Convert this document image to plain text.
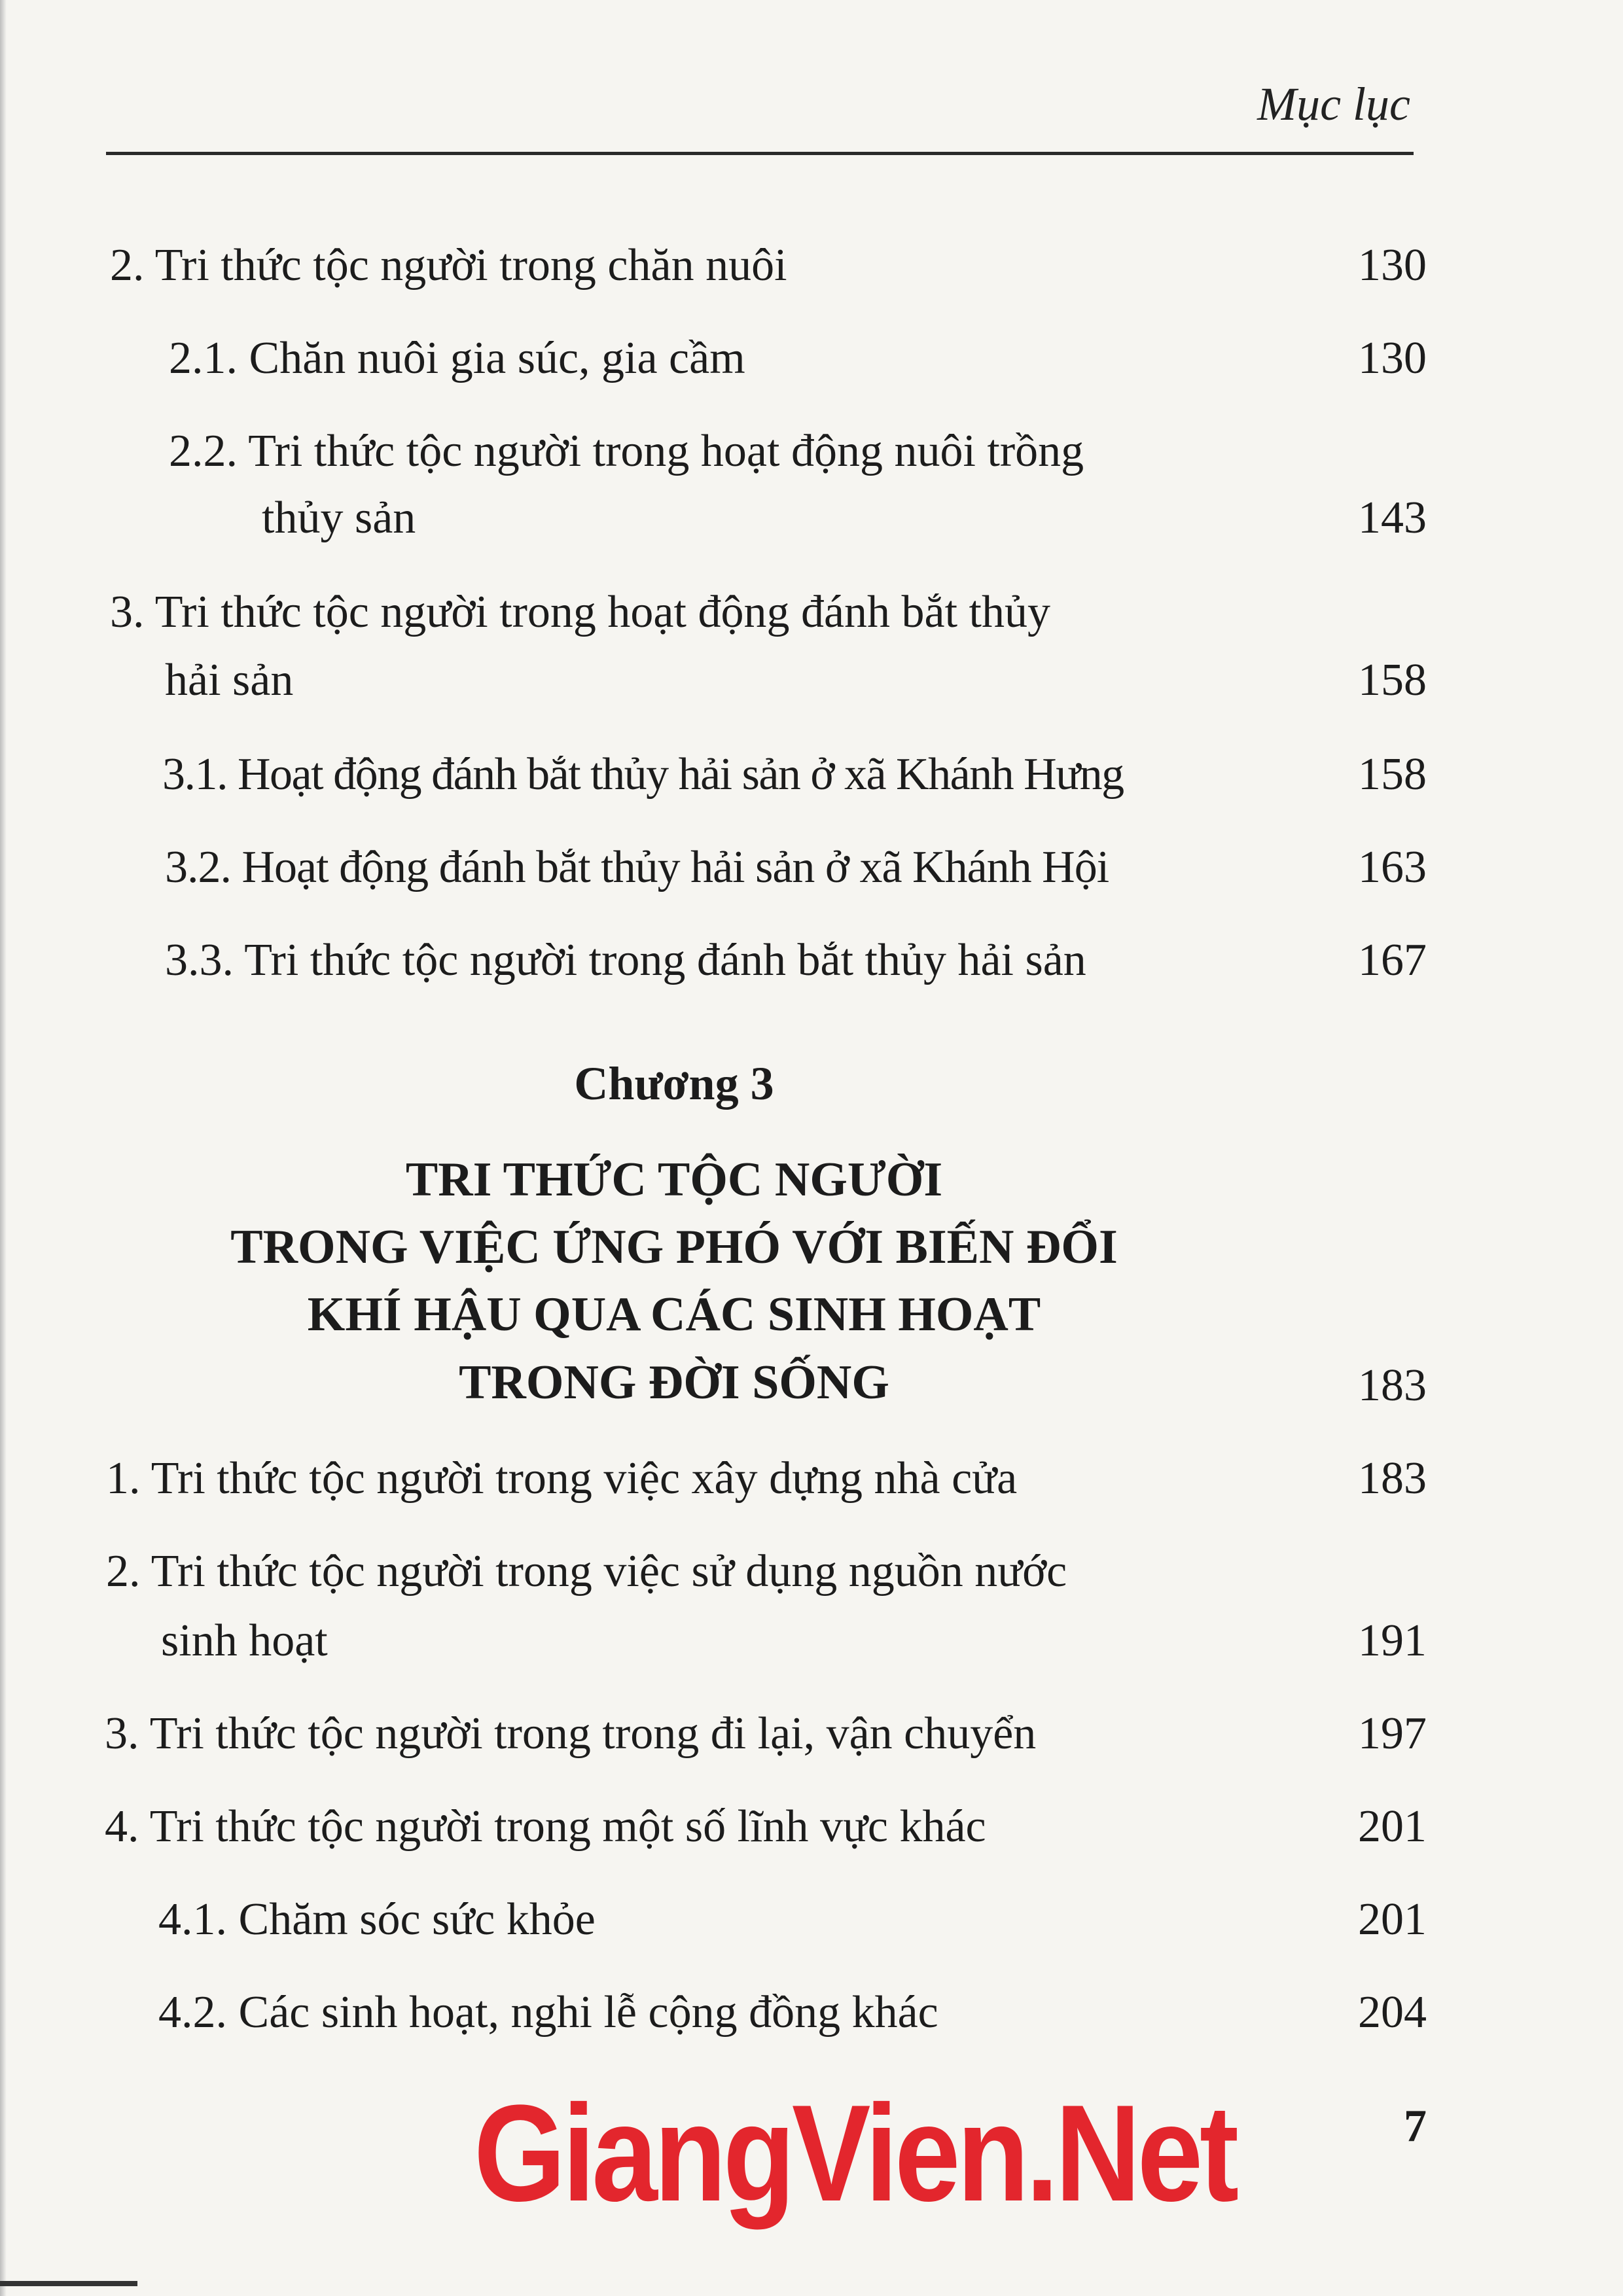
Mục lục
2. Tri thức tộc người trong chăn nuôi	130
2.1. Chăn nuôi gia súc, gia cầm	130
2.2. Tri thức tộc người trong hoạt động nuôi trồng
thủy sản	143
3. Tri thức tộc người trong hoạt động đánh bắt thủy
hải sản	158
3.1. Hoạt động đánh bắt thủy hải sản ở xã Khánh Hưng	158
3.2. Hoạt động đánh bắt thủy hải sản ở xã Khánh Hội	163
3.3. Tri thức tộc người trong đánh bắt thủy hải sản	167
Chương 3
TRI THỨC TỘC NGƯỜI
TRONG VIỆC ỨNG PHÓ VỚI BIẾN ĐỔI
KHÍ HẬU QUA CÁC SINH HOẠT
TRONG ĐỜI SỐNG	183
1. Tri thức tộc người trong việc xây dựng nhà cửa	183
2. Tri thức tộc người trong việc sử dụng nguồn nước
sinh hoạt	191
3. Tri thức tộc người trong trong đi lại, vận chuyển	197
4. Tri thức tộc người trong một số lĩnh vực khác	201
4.1. Chăm sóc sức khỏe	201
4.2. Các sinh hoạt, nghi lễ cộng đồng khác	204
GiangVien.Net	7
